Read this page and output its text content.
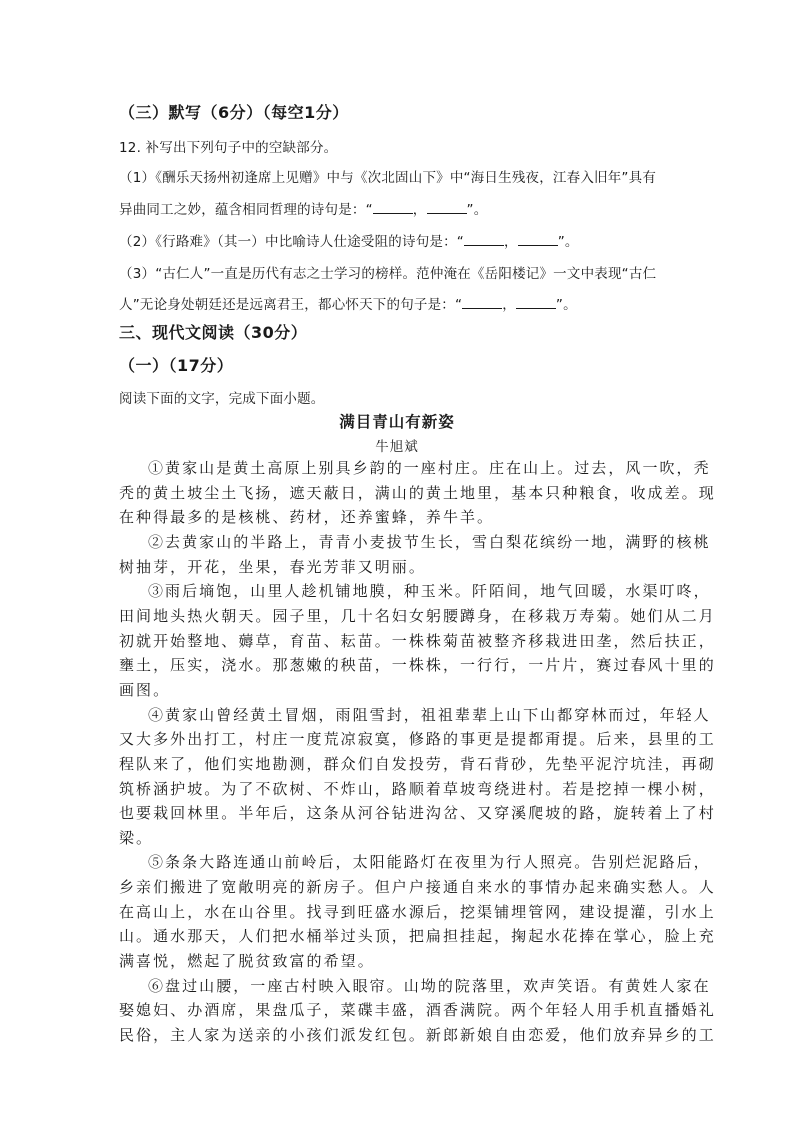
（三）默写（6分）（每空1分）
12. 补写出下列句子中的空缺部分。
（1）《酬乐天扬州初逢席上见赠》中与《次北固山下》中“海日生残夜，江春入旧年”具有
异曲同工之妙，蕴含相同哲理的诗句是：“	，	”。
（2）《行路难》（其一）中比喻诗人仕途受阻的诗句是：“	，	”。
（3）“古仁人”一直是历代有志之士学习的榜样。范仲淹在《岳阳楼记》一文中表现“古仁
人”无论身处朝廷还是远离君王，都心怀天下的句子是：“	，	”。
三、现代文阅读（30分）
（一）（17分）
阅读下面的文字，完成下面小题。
满目青山有新姿
牛旭斌
①黄家山是黄土高原上别具乡韵的一座村庄。庄在山上。过去，风一吹，秃
秃的黄土坡尘土飞扬，遮天蔽日，满山的黄土地里，基本只种粮食，收成差。现
在种得最多的是核桃、药材，还养蜜蜂，养牛羊。
②去黄家山的半路上，青青小麦拔节生长，雪白梨花缤纷一地，满野的核桃
树抽芽，开花，坐果，春光芳菲又明丽。
③雨后墒饱，山里人趁机铺地膜，种玉米。阡陌间，地气回暖，水渠叮咚，
田间地头热火朝天。园子里，几十名妇女躬腰蹲身，在移栽万寿菊。她们从二月
初就开始整地、薅草，育苗、耘苗。一株株菊苗被整齐移栽进田垄，然后扶正，
壅土，压实，浇水。那葱嫩的秧苗，一株株，一行行，一片片，赛过春风十里的
画图。
④黄家山曾经黄土冒烟，雨阻雪封，祖祖辈辈上山下山都穿林而过，年轻人
又大多外出打工，村庄一度荒凉寂寞，修路的事更是提都甭提。后来，县里的工
程队来了，他们实地勘测，群众们自发投劳，背石背砂，先垫平泥泞坑洼，再砌
筑桥涵护坡。为了不砍树、不炸山，路顺着草坡弯绕进村。若是挖掉一棵小树，
也要栽回林里。半年后，这条从河谷钻进沟岔、又穿溪爬坡的路，旋转着上了村
梁。
⑤条条大路连通山前岭后，太阳能路灯在夜里为行人照亮。告别烂泥路后，
乡亲们搬进了宽敞明亮的新房子。但户户接通自来水的事情办起来确实愁人。人
在高山上，水在山谷里。找寻到旺盛水源后，挖渠铺埋管网，建设提灌，引水上
山。通水那天，人们把水桶举过头顶，把扁担挂起，掬起水花捧在掌心，脸上充
满喜悦，燃起了脱贫致富的希望。
⑥盘过山腰，一座古村映入眼帘。山坳的院落里，欢声笑语。有黄姓人家在
娶媳妇、办酒席，果盘瓜子，菜碟丰盛，酒香满院。两个年轻人用手机直播婚礼
民俗，主人家为送亲的小孩们派发红包。新郎新娘自由恋爱，他们放弃异乡的工
